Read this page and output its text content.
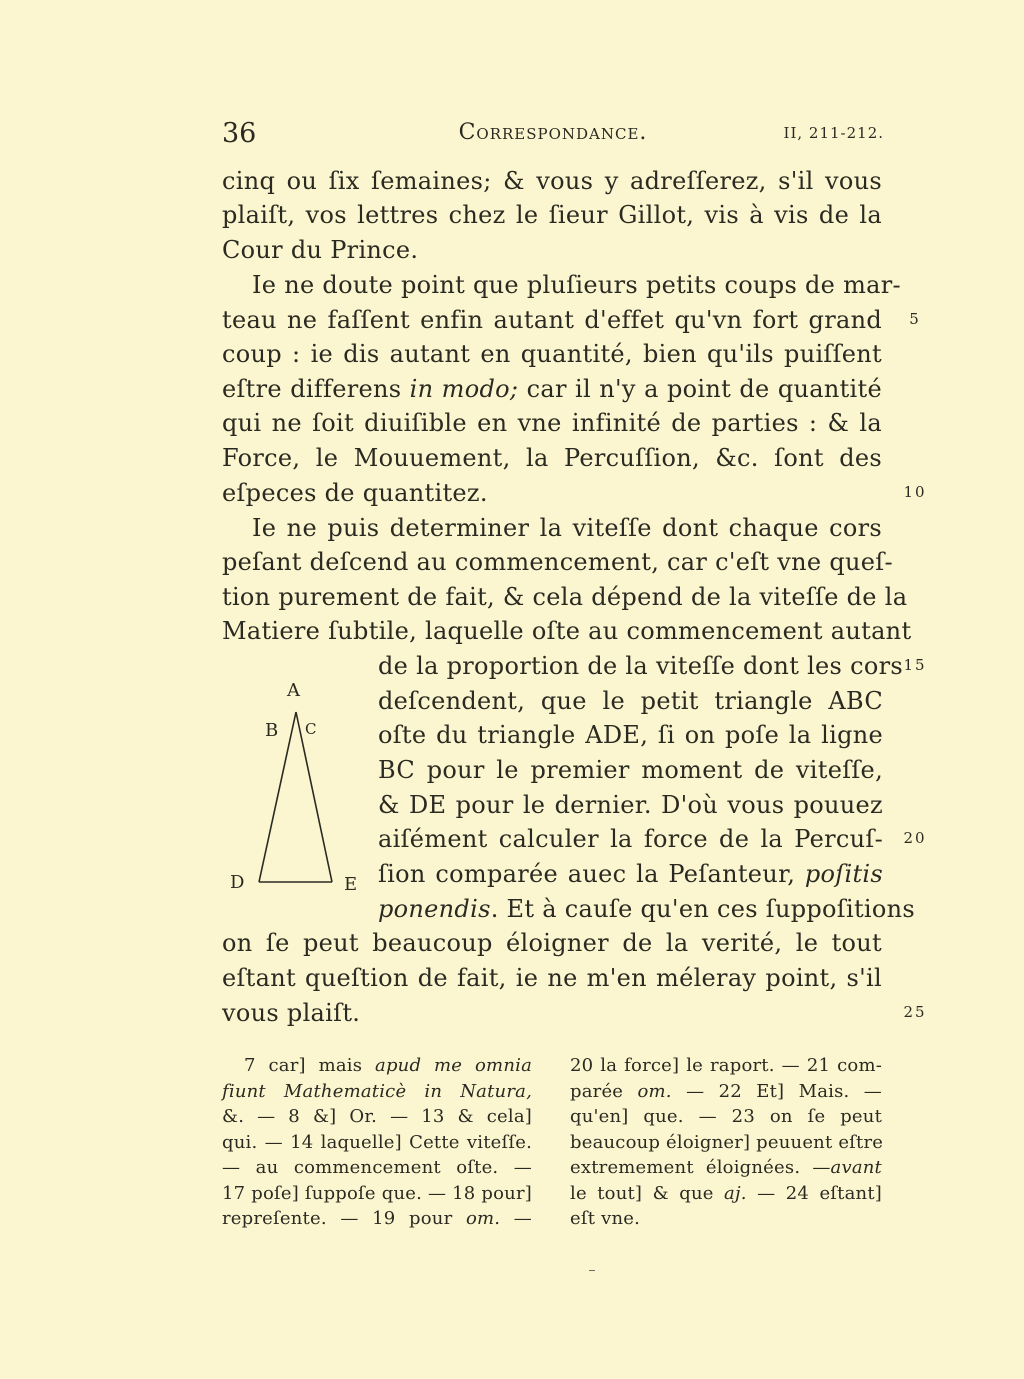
36	Correspondance.	II, 211-212.
cinq ou ſix ſemaines; & vous y adreſſerez, s'il vous
plaiſt, vos lettres chez le ſieur Gillot, vis à vis de la
Cour du Prince.
Ie ne doute point que pluſieurs petits coups de mar-
teau ne faſſent enfin autant d'effet qu'vn fort grand
coup : ie dis autant en quantité, bien qu'ils puiſſent
eſtre differens in modo; car il n'y a point de quantité
qui ne ſoit diuiſible en vne infinité de parties : & la
Force, le Mouuement, la Percuſſion, &c. ſont des
eſpeces de quantitez.
Ie ne puis determiner la viteſſe dont chaque cors
peſant deſcend au commencement, car c'eſt vne queſ-
tion purement de fait, & cela dépend de la viteſſe de la
Matiere ſubtile, laquelle oſte au commencement autant
de la proportion de la viteſſe dont les cors
deſcendent, que le petit triangle ABC
oſte du triangle ADE, ſi on poſe la ligne
BC pour le premier moment de viteſſe,
& DE pour le dernier. D'où vous pouuez
aiſément calculer la force de la Percuſ-
ſion comparée auec la Peſanteur, poſitis
ponendis. Et à cauſe qu'en ces ſuppoſitions
on ſe peut beaucoup éloigner de la verité, le tout
eſtant queſtion de fait, ie ne m'en méleray point, s'il
vous plaiſt.
5
10
15
20
25
A
B C
D	E
7 car] mais apud me omnia
fiunt Mathematicè in Natura,
&. — 8 &] Or. — 13 & cela]
qui. — 14 laquelle] Cette viteſſe.
— au commencement oſte. —
17 poſe] ſuppoſe que. — 18 pour]
repreſente. — 19 pour om. —
20 la force] le raport. — 21 com-
parée om. — 22 Et] Mais. —
qu'en] que. — 23 on ſe peut
beaucoup éloigner] peuuent eſtre
extremement éloignées. —avant
le tout] & que aj. — 24 eſtant]
eſt vne.
